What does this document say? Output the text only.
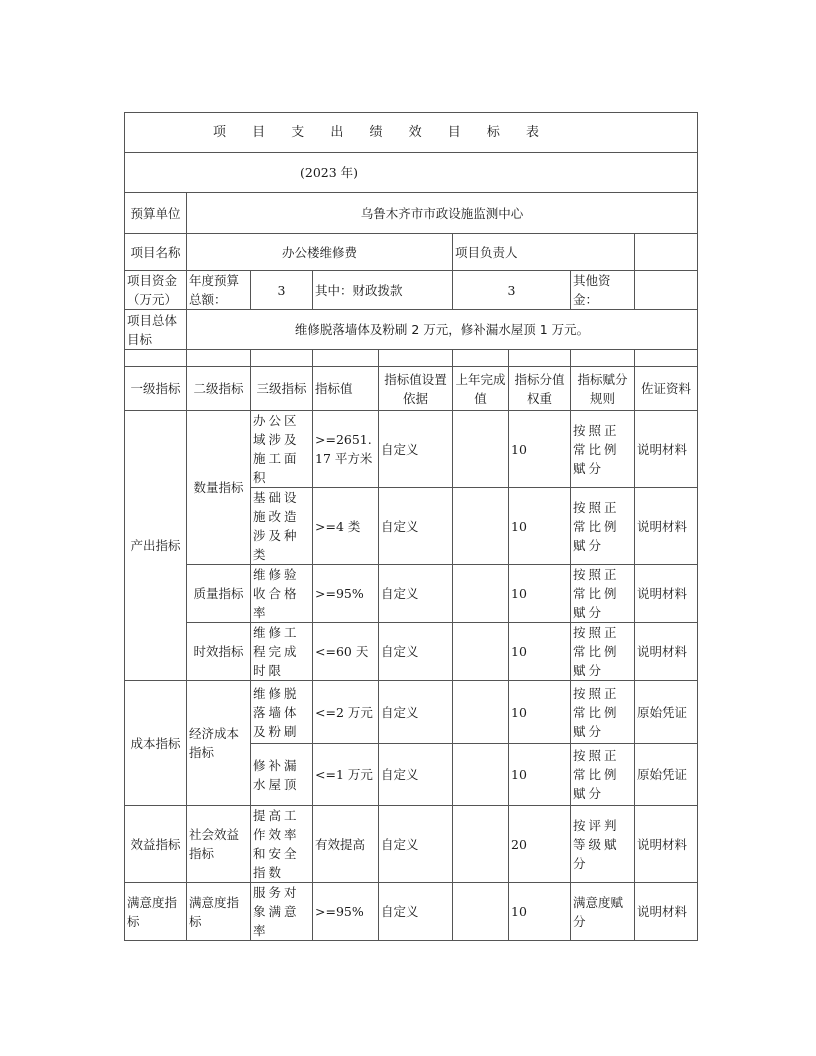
项 目 支 出 绩 效 目 标 表								
(2023 年)								
预算单位	乌鲁木齐市市政设施监测中心							
项目名称	办公楼维修费				项目负责人			
项目资金（万元）	年度预算总额：	3	其中：财政拨款		3		其他资金：	
项目总体目标	维修脱落墙体及粉刷 2 万元，修补漏水屋顶 1 万元。							

一级指标	二级指标	三级指标	指标值	指标值设置依据	上年完成值	指标分值权重	指标赋分规则	佐证资料
产出指标	数量指标	办公区域涉及施工面积	>=2651.17 平方米	自定义		10	按照正常比例赋分	说明材料
		基础设施改造涉及种类	>=4 类	自定义		10	按照正常比例赋分	说明材料
	质量指标	维修验收合格率	>=95%	自定义		10	按照正常比例赋分	说明材料
	时效指标	维修工程完成时限	<=60 天	自定义		10	按照正常比例赋分	说明材料
成本指标	经济成本指标	维修脱落墙体及粉刷	<=2 万元	自定义		10	按照正常比例赋分	原始凭证
		修补漏水屋顶	<=1 万元	自定义		10	按照正常比例赋分	原始凭证
效益指标	社会效益指标	提高工作效率和安全指数	有效提高	自定义		20	按评判等级赋分	说明材料
满意度指标	满意度指标	服务对象满意率	>=95%	自定义		10	满意度赋分	说明材料
